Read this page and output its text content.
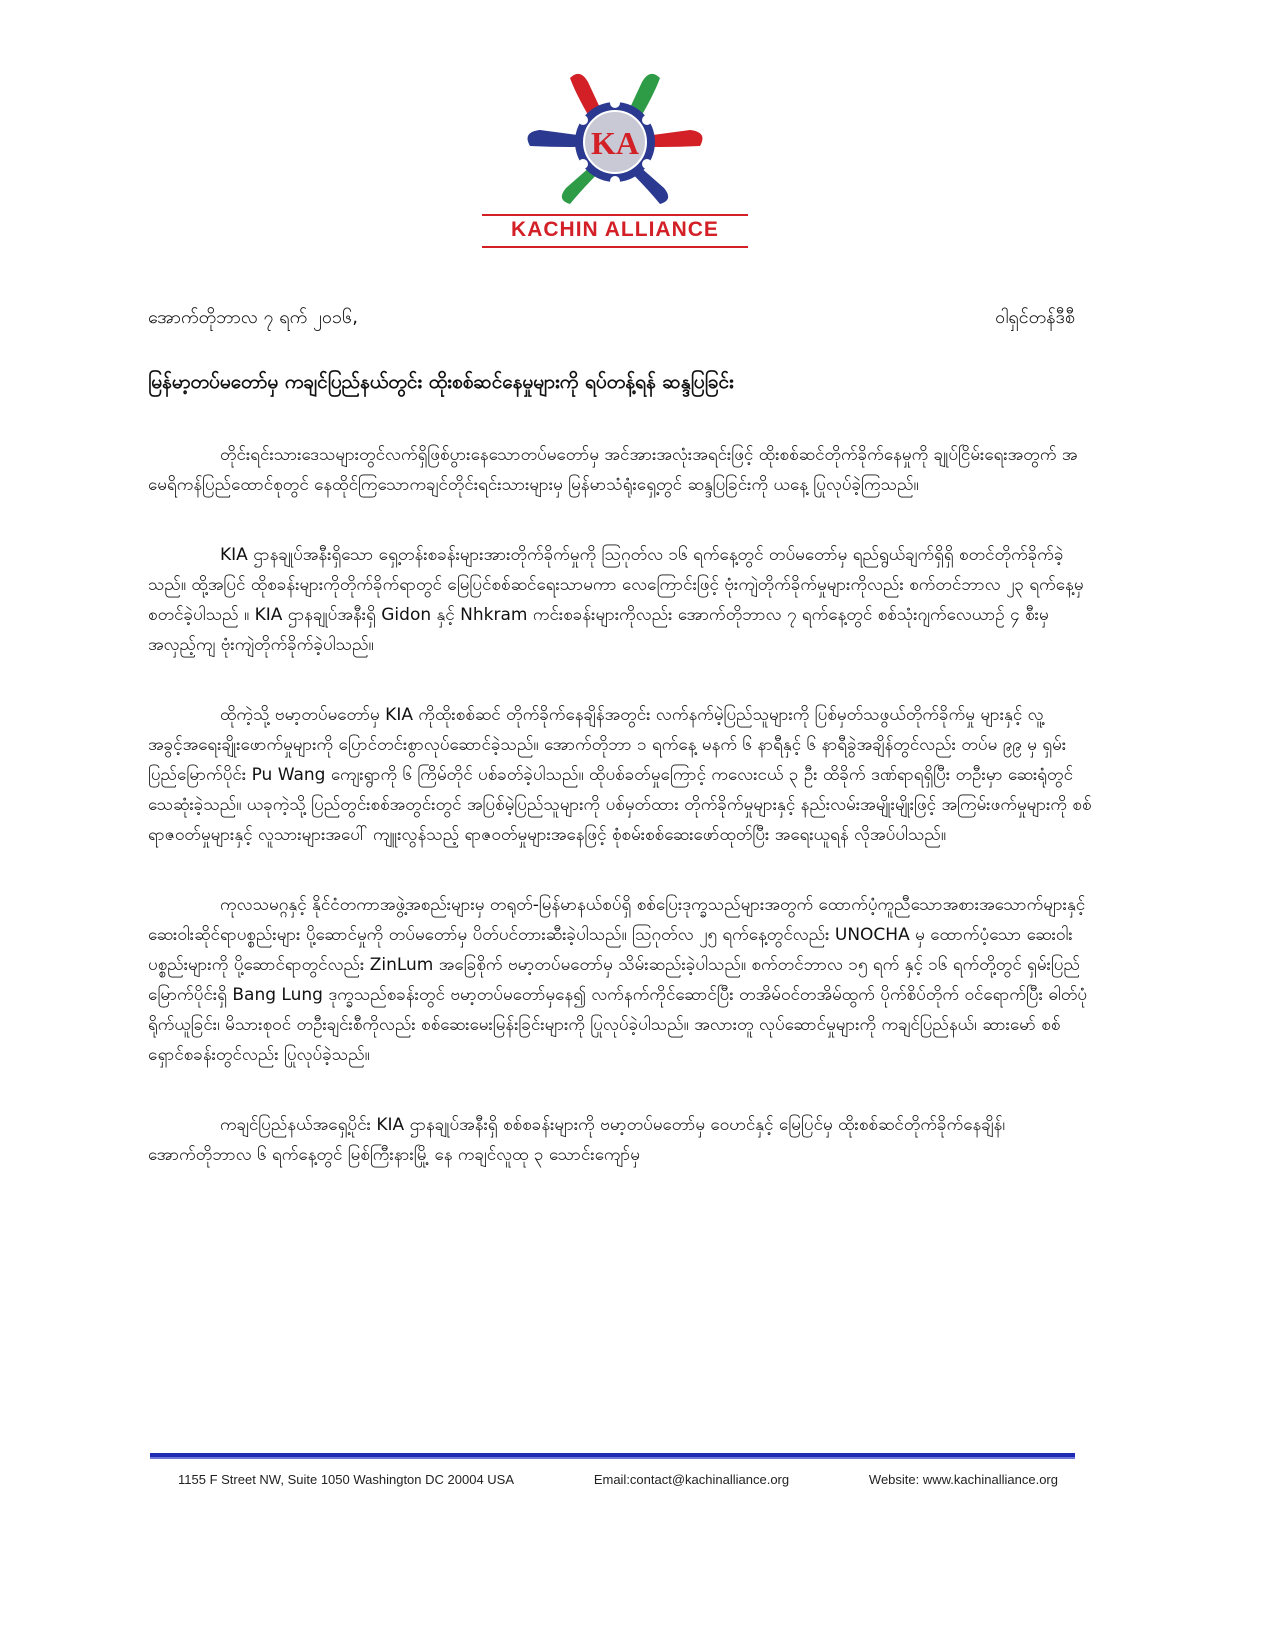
KA
KACHIN ALLIANCE
အောက်တိုဘာလ ၇ ရက် ၂၀၁၆,	ဝါရှင်တန်ဒီစီ
မြန်မာ့တပ်မတော်မှ ကချင်ပြည်နယ်တွင်း ထိုးစစ်ဆင်နေမှုများကို ရပ်တန့်ရန် ဆန္ဒပြခြင်း

တိုင်းရင်းသားဒေသများတွင်လက်ရှိဖြစ်ပွားနေသောတပ်မတော်မှ အင်အားအလုံးအရင်းဖြင့် ထိုးစစ်ဆင်တိုက်ခိုက်နေမှုကို ချုပ်ငြိမ်းရေးအတွက် အမေရိကန်ပြည်ထောင်စုတွင် နေထိုင်ကြသောကချင်တိုင်းရင်းသားများမှ မြန်မာသံရုံးရှေ့တွင် ဆန္ဒပြခြင်းကို ယနေ့ ပြုလုပ်ခဲ့ကြသည်။

KIA ဌာနချုပ်အနီးရှိသော ရှေ့တန်းစခန်းများအားတိုက်ခိုက်မှုကို ဩဂုတ်လ ၁၆ ရက်နေ့တွင် တပ်မတော်မှ ရည်ရွယ်ချက်ရှိရှိ စတင်တိုက်ခိုက်ခဲ့သည်။ ထို့အပြင် ထိုစခန်းများကိုတိုက်ခိုက်ရာတွင် မြေပြင်စစ်ဆင်ရေးသာမကာ လေကြောင်းဖြင့် ဗုံးကျဲတိုက်ခိုက်မှုများကိုလည်း စက်တင်ဘာလ ၂၃ ရက်နေ့မှစတင်ခဲ့ပါသည် ။ KIA ဌာနချုပ်အနီးရှိ Gidon နှင့် Nhkram ကင်းစခန်းများကိုလည်း အောက်တိုဘာလ ၇ ရက်နေ့တွင် စစ်သုံးဂျက်လေယာဉ် ၄ စီးမှ အလှည့်ကျ ဗုံးကျဲတိုက်ခိုက်ခဲ့ပါသည်။

ထိုကဲ့သို့ ဗမာ့တပ်မတော်မှ KIA ကိုထိုးစစ်ဆင် တိုက်ခိုက်နေချိန်အတွင်း လက်နက်မဲ့ပြည်သူများကို ပြစ်မှတ်သဖွယ်တိုက်ခိုက်မှု များနှင့် လူ့အခွင့်အရေးချိုးဖောက်မှုများကို ပြောင်တင်းစွာလုပ်ဆောင်ခဲ့သည်။ အောက်တိုဘာ ၁ ရက်နေ့ မနက် ၆ နာရီနှင့် ၆ နာရီခွဲအချိန်တွင်လည်း တပ်မ ၉၉ မှ ရှမ်းပြည်မြောက်ပိုင်း Pu Wang ကျေးရွာကို ၆ ကြိမ်တိုင် ပစ်ခတ်ခဲ့ပါသည်။ ထိုပစ်ခတ်မှုကြောင့် ကလေးငယ် ၃ ဦး ထိခိုက် ဒဏ်ရာရရှိပြီး တဦးမှာ ဆေးရုံတွင်သေဆုံးခဲ့သည်။ ယခုကဲ့သို့ ပြည်တွင်းစစ်အတွင်းတွင် အပြစ်မဲ့ပြည်သူများကို ပစ်မှတ်ထား တိုက်ခိုက်မှုများနှင့် နည်းလမ်းအမျိုးမျိုးဖြင့် အကြမ်းဖက်မှုများကို စစ်ရာဇဝတ်မှုများနှင့် လူသားများအပေါ် ကျူးလွန်သည့် ရာဇဝတ်မှုများအနေဖြင့် စုံစမ်းစစ်ဆေးဖော်ထုတ်ပြီး အရေးယူရန် လိုအပ်ပါသည်။

ကုလသမဂ္ဂနှင့် နိုင်ငံတကာအဖွဲ့အစည်းများမှ တရုတ်-မြန်မာနယ်စပ်ရှိ စစ်ပြေးဒုက္ခသည်များအတွက် ထောက်ပံ့ကူညီသောအစားအသောက်များနှင့် ဆေးဝါးဆိုင်ရာပစ္စည်းများ ပို့ဆောင်မှုကို တပ်မတော်မှ ပိတ်ပင်တားဆီးခဲ့ပါသည်။ ဩဂုတ်လ ၂၅ ရက်နေ့တွင်လည်း UNOCHA မှ ထောက်ပံ့သော ဆေးဝါးပစ္စည်းများကို ပို့ဆောင်ရာတွင်လည်း ZinLum အခြေစိုက် ဗမာ့တပ်မတော်မှ သိမ်းဆည်းခဲ့ပါသည်။ စက်တင်ဘာလ ၁၅ ရက် နှင့် ၁၆ ရက်တို့တွင် ရှမ်းပြည်မြောက်ပိုင်းရှိ Bang Lung ဒုက္ခသည်စခန်းတွင် ဗမာ့တပ်မတော်မှနေ၍ လက်နက်ကိုင်ဆောင်ပြီး တအိမ်ဝင်တအိမ်ထွက် ပိုက်စိပ်တိုက် ဝင်ရောက်ပြီး ဓါတ်ပုံရိုက်ယူခြင်း၊ မိသားစုဝင် တဦးချင်းစီကိုလည်း စစ်ဆေးမေးမြန်းခြင်းများကို ပြုလုပ်ခဲ့ပါသည်။ အလားတူ လုပ်ဆောင်မှုများကို ကချင်ပြည်နယ်၊ ဆားမော် စစ်ရှောင်စခန်းတွင်လည်း ပြုလုပ်ခဲ့သည်။

ကချင်ပြည်နယ်အရှေ့ပိုင်း KIA ဌာနချုပ်အနီးရှိ စစ်စခန်းများကို ဗမာ့တပ်မတော်မှ ဝေဟင်နှင့် မြေပြင်မှ ထိုးစစ်ဆင်တိုက်ခိုက်နေချိန်၊ အောက်တိုဘာလ ၆ ရက်နေ့တွင် မြစ်ကြီးနားမြို့ နေ ကချင်လူထု ၃ သောင်းကျော်မှ

1155 F Street NW, Suite 1050 Washington DC 20004 USA	Email:contact@kachinalliance.org	Website: www.kachinalliance.org
